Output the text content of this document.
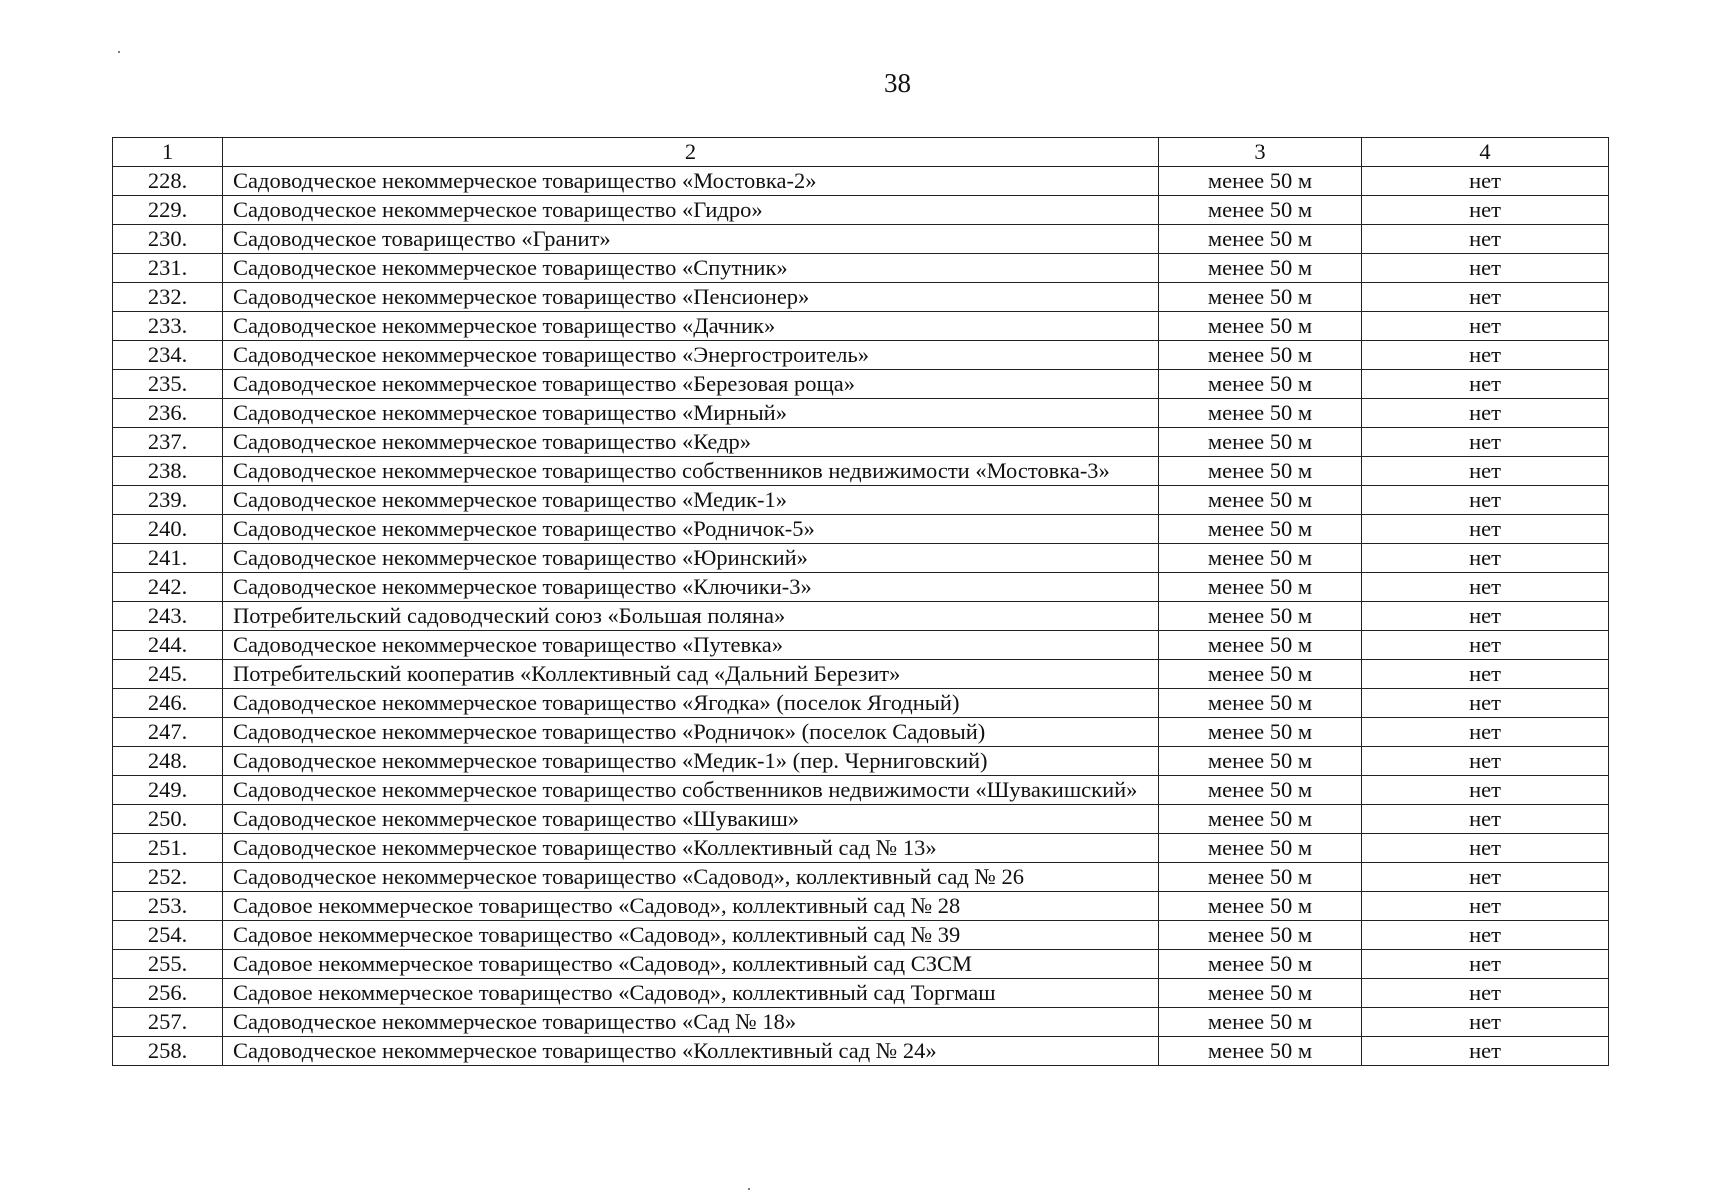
38
1	2	3	4
228.	Садоводческое некоммерческое товарищество «Мостовка-2»	менее 50 м	нет
229.	Садоводческое некоммерческое товарищество «Гидро»	менее 50 м	нет
230.	Садоводческое товарищество «Гранит»	менее 50 м	нет
231.	Садоводческое некоммерческое товарищество «Спутник»	менее 50 м	нет
232.	Садоводческое некоммерческое товарищество «Пенсионер»	менее 50 м	нет
233.	Садоводческое некоммерческое товарищество «Дачник»	менее 50 м	нет
234.	Садоводческое некоммерческое товарищество «Энергостроитель»	менее 50 м	нет
235.	Садоводческое некоммерческое товарищество «Березовая роща»	менее 50 м	нет
236.	Садоводческое некоммерческое товарищество «Мирный»	менее 50 м	нет
237.	Садоводческое некоммерческое товарищество «Кедр»	менее 50 м	нет
238.	Садоводческое некоммерческое товарищество собственников недвижимости «Мостовка-3»	менее 50 м	нет
239.	Садоводческое некоммерческое товарищество «Медик-1»	менее 50 м	нет
240.	Садоводческое некоммерческое товарищество «Родничок-5»	менее 50 м	нет
241.	Садоводческое некоммерческое товарищество «Юринский»	менее 50 м	нет
242.	Садоводческое некоммерческое товарищество «Ключики-3»	менее 50 м	нет
243.	Потребительский садоводческий союз «Большая поляна»	менее 50 м	нет
244.	Садоводческое некоммерческое товарищество «Путевка»	менее 50 м	нет
245.	Потребительский кооператив «Коллективный сад «Дальний Березит»	менее 50 м	нет
246.	Садоводческое некоммерческое товарищество «Ягодка» (поселок Ягодный)	менее 50 м	нет
247.	Садоводческое некоммерческое товарищество «Родничок» (поселок Садовый)	менее 50 м	нет
248.	Садоводческое некоммерческое товарищество «Медик-1» (пер. Черниговский)	менее 50 м	нет
249.	Садоводческое некоммерческое товарищество собственников недвижимости «Шувакишский»	менее 50 м	нет
250.	Садоводческое некоммерческое товарищество «Шувакиш»	менее 50 м	нет
251.	Садоводческое некоммерческое товарищество «Коллективный сад № 13»	менее 50 м	нет
252.	Садоводческое некоммерческое товарищество «Садовод», коллективный сад № 26	менее 50 м	нет
253.	Садовое некоммерческое товарищество «Садовод», коллективный сад № 28	менее 50 м	нет
254.	Садовое некоммерческое товарищество «Садовод», коллективный сад № 39	менее 50 м	нет
255.	Садовое некоммерческое товарищество «Садовод», коллективный сад СЗСМ	менее 50 м	нет
256.	Садовое некоммерческое товарищество «Садовод», коллективный сад Торгмаш	менее 50 м	нет
257.	Садоводческое некоммерческое товарищество «Сад № 18»	менее 50 м	нет
258.	Садоводческое некоммерческое товарищество «Коллективный сад № 24»	менее 50 м	нет
